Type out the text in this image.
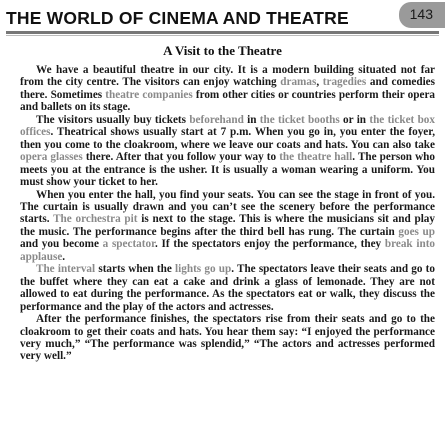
THE WORLD OF CINEMA AND THEATRE	143
A Visit to the Theatre

We have a beautiful theatre in our city. It is a modern building situated not far from the city centre. The visitors can enjoy watching dramas, tragedies and comedies there. Sometimes theatre companies from other cities or countries perform their opera and ballets on its stage.

The visitors usually buy tickets beforehand in the ticket booths or in the ticket box offices. Theatrical shows usually start at 7 p.m. When you go in, you enter the foyer, then you come to the cloakroom, where we leave our coats and hats. You can also take opera glasses there. After that you follow your way to the theatre hall. The person who meets you at the entrance is the usher. It is usually a woman wearing a uniform. You must show your ticket to her.

When you enter the hall, you find your seats. You can see the stage in front of you. The curtain is usually drawn and you can’t see the scenery before the performance starts. The orchestra pit is next to the stage. This is where the musicians sit and play the music. The performance begins after the third bell has rung. The curtain goes up and you become a spectator. If the spectators enjoy the performance, they break into applause.

The interval starts when the lights go up. The spectators leave their seats and go to the buffet where they can eat a cake and drink a glass of lemonade. They are not allowed to eat during the performance. As the spectators eat or walk, they discuss the performance and the play of the actors and actresses.

After the performance finishes, the spectators rise from their seats and go to the cloakroom to get their coats and hats. You hear them say: “I enjoyed the performance very much,” “The performance was splendid,” “The actors and actresses performed very well.”
